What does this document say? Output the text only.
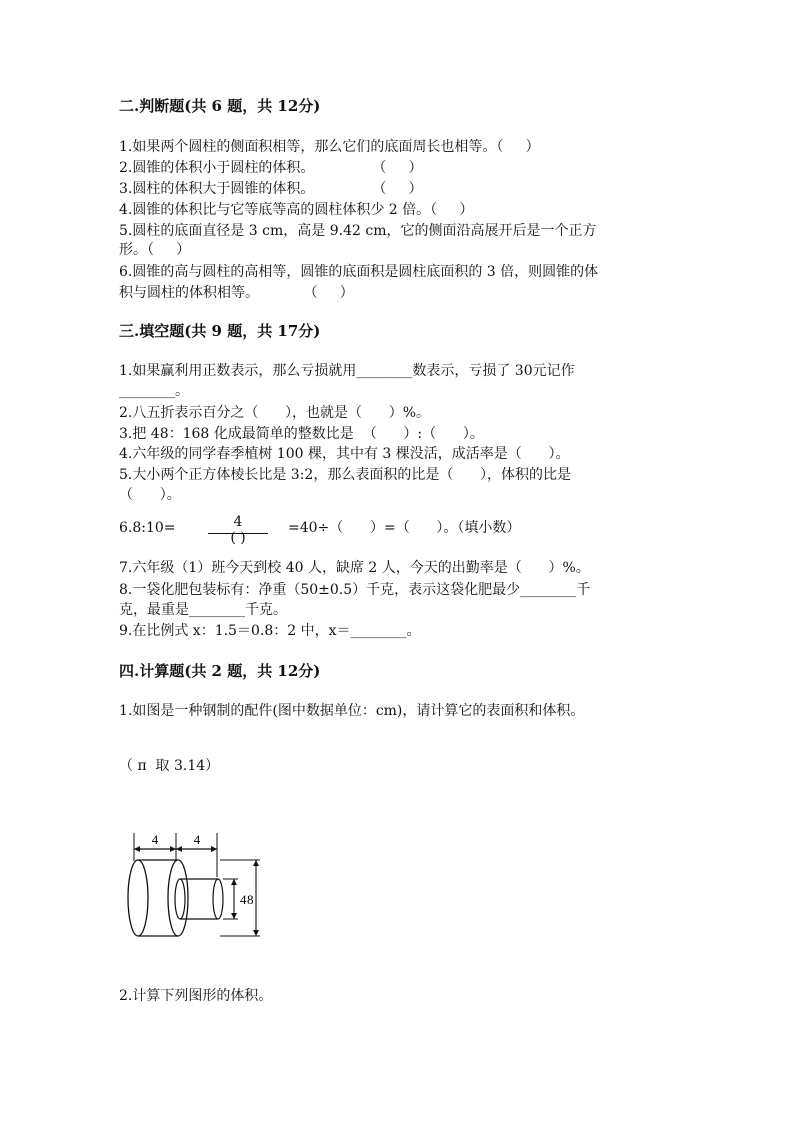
二.判断题(共 6 题，共 12分)
1.如果两个圆柱的侧面积相等，那么它们的底面周长也相等。（     ）
2.圆锥的体积小于圆柱的体积。             （     ）
3.圆柱的体积大于圆锥的体积。             （     ）
4.圆锥的体积比与它等底等高的圆柱体积少 2 倍。（     ）
5.圆柱的底面直径是 3 cm，高是 9.42 cm，它的侧面沿高展开后是一个正方
形。（     ）
6.圆锥的高与圆柱的高相等，圆锥的底面积是圆柱底面积的 3 倍，则圆锥的体
积与圆柱的体积相等。          （     ）
三.填空题(共 9 题，共 17分)
1.如果赢利用正数表示，那么亏损就用________数表示，亏损了 30元记作
________。
2.八五折表示百分之（      ），也就是（      ）%。
3.把 48：168 化成最简单的整数比是  （      ）:（      ）。
4.六年级的同学春季植树 100 棵，其中有 3 棵没活，成活率是（      ）。
5.大小两个正方体棱长比是 3:2，那么表面积的比是（      ），体积的比是
（      ）。
6.8:10=	4
( )
=40÷（      ）=（      ）。（填小数）
7.六年级（1）班今天到校 40 人，缺席 2 人，今天的出勤率是（      ）%。
8.一袋化肥包装标有：净重（50±0.5）千克，表示这袋化肥最少________千
克，最重是________千克。
9.在比例式 x：1.5＝0.8：2 中，x＝________。
四.计算题(共 2 题，共 12分)
1.如图是一种钢制的配件(图中数据单位：cm)，请计算它的表面积和体积。
（ π  取 3.14）
4	4
4 8
2.计算下列图形的体积。
